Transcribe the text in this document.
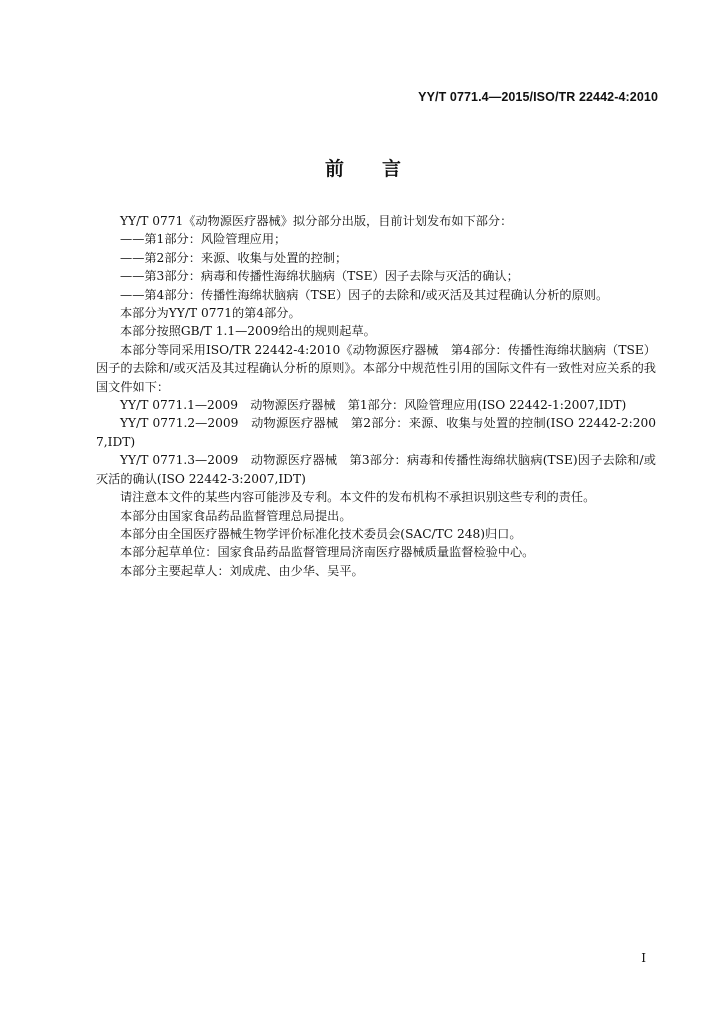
YY/T 0771.4—2015/ISO/TR 22442-4:2010
前言

YY/T 0771《动物源医疗器械》拟分部分出版，目前计划发布如下部分：

——第1部分：风险管理应用；

——第2部分：来源、收集与处置的控制；

——第3部分：病毒和传播性海绵状脑病（TSE）因子去除与灭活的确认；

——第4部分：传播性海绵状脑病（TSE）因子的去除和/或灭活及其过程确认分析的原则。

本部分为YY/T 0771的第4部分。

本部分按照GB/T 1.1—2009给出的规则起草。

本部分等同采用ISO/TR 22442-4:2010《动物源医疗器械　第4部分：传播性海绵状脑病（TSE）因子的去除和/或灭活及其过程确认分析的原则》。本部分中规范性引用的国际文件有一致性对应关系的我国文件如下：

YY/T 0771.1—2009　动物源医疗器械　第1部分：风险管理应用(ISO 22442-1:2007,IDT)

YY/T 0771.2—2009　动物源医疗器械　第2部分：来源、收集与处置的控制(ISO 22442-2:2007,IDT)

YY/T 0771.3—2009　动物源医疗器械　第3部分：病毒和传播性海绵状脑病(TSE)因子去除和/或灭活的确认(ISO 22442-3:2007,IDT)

请注意本文件的某些内容可能涉及专利。本文件的发布机构不承担识别这些专利的责任。

本部分由国家食品药品监督管理总局提出。

本部分由全国医疗器械生物学评价标准化技术委员会(SAC/TC 248)归口。

本部分起草单位：国家食品药品监督管理局济南医疗器械质量监督检验中心。

本部分主要起草人：刘成虎、由少华、吴平。

I
